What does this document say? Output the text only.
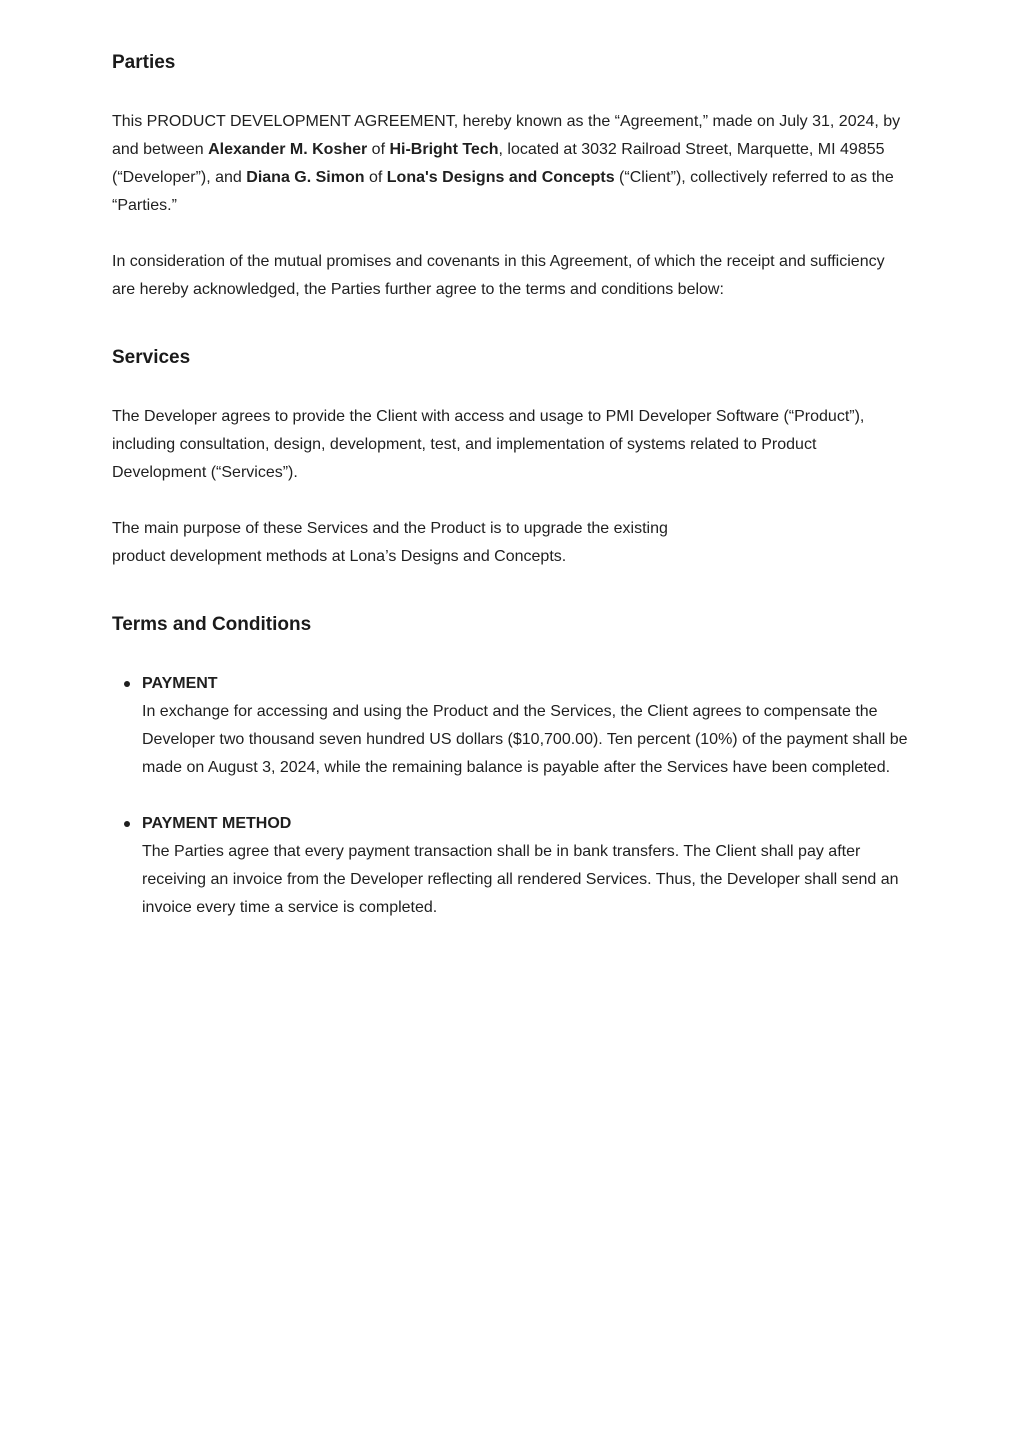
Parties

This PRODUCT DEVELOPMENT AGREEMENT, hereby known as the “Agreement,” made on July 31, 2024, by and between Alexander M. Kosher of Hi-Bright Tech, located at 3032 Railroad Street, Marquette, MI 49855 (“Developer”), and Diana G. Simon of Lona's Designs and Concepts (“Client”), collectively referred to as the “Parties.”

In consideration of the mutual promises and covenants in this Agreement, of which the receipt and sufficiency are hereby acknowledged, the Parties further agree to the terms and conditions below:

Services

The Developer agrees to provide the Client with access and usage to PMI Developer Software (“Product”), including consultation, design, development, test, and implementation of systems related to Product Development (“Services”).

The main purpose of these Services and the Product is to upgrade the existing
product development methods at Lona’s Designs and Concepts.

Terms and Conditions
PAYMENT
In exchange for accessing and using the Product and the Services, the Client agrees to compensate the Developer two thousand seven hundred US dollars ($10,700.00). Ten percent (10%) of the payment shall be made on August 3, 2024, while the remaining balance is payable after the Services have been completed.
PAYMENT METHOD
The Parties agree that every payment transaction shall be in bank transfers. The Client shall pay after receiving an invoice from the Developer reflecting all rendered Services. Thus, the Developer shall send an invoice every time a service is completed.
